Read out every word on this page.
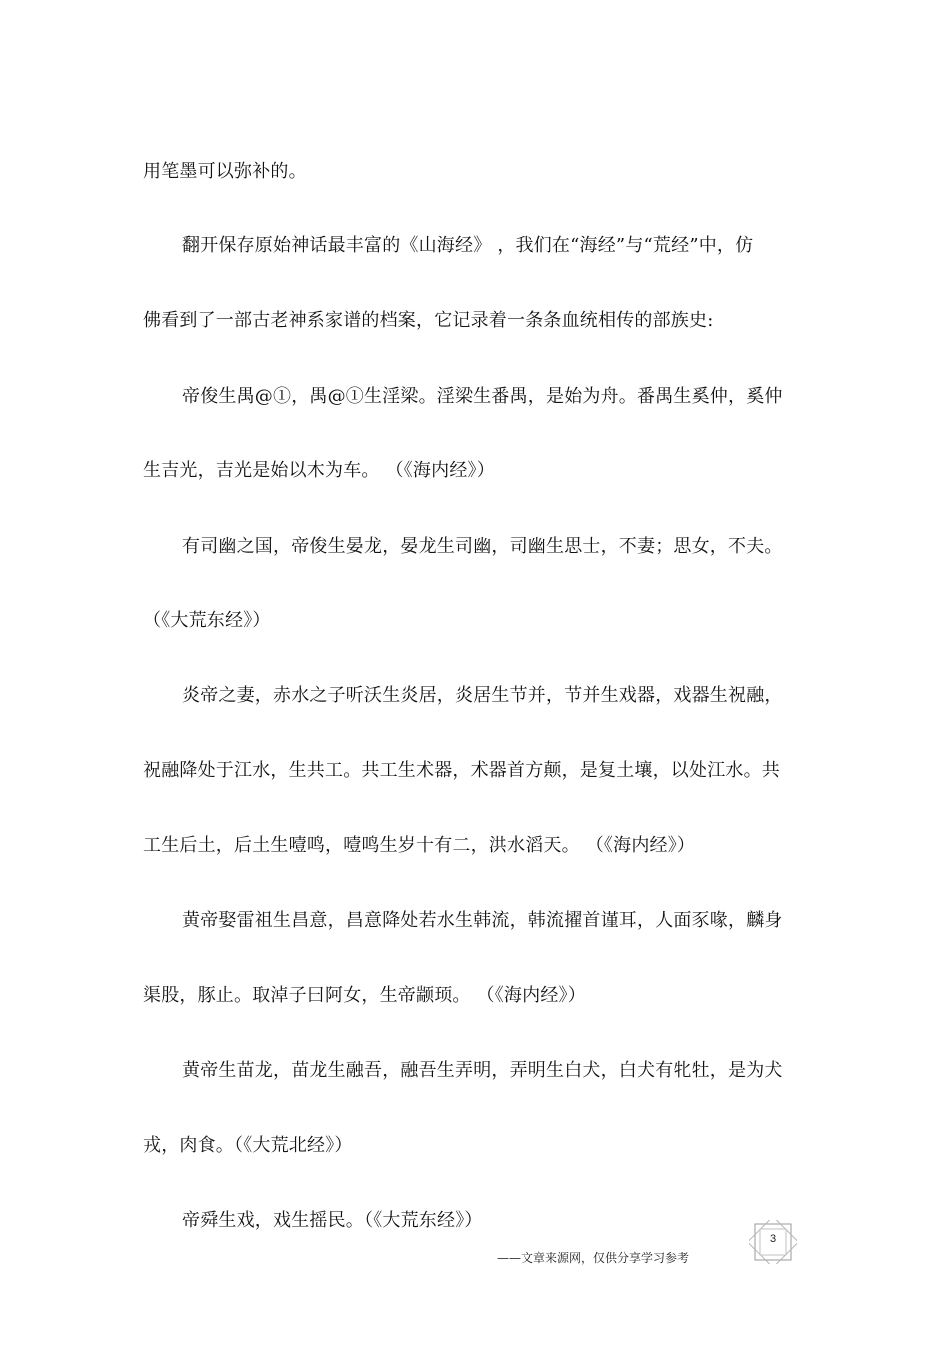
用笔墨可以弥补的。

翻开保存原始神话最丰富的《山海经》 ，我们在“海经”与“荒经”中，仿

佛看到了一部古老神系家谱的档案，它记录着一条条血统相传的部族史:

帝俊生禺@①，禺@①生淫梁。淫梁生番禺，是始为舟。番禺生奚仲，奚仲

生吉光，吉光是始以木为车。 （《海内经》）

有司幽之国，帝俊生晏龙，晏龙生司幽，司幽生思士，不妻；思女，不夫。

（《大荒东经》）

炎帝之妻，赤水之子听沃生炎居，炎居生节并，节并生戏器，戏器生祝融，

祝融降处于江水，生共工。共工生术器，术器首方颠，是复土壤，以处江水。共

工生后土，后土生噎鸣，噎鸣生岁十有二，洪水滔天。 （《海内经》）

黄帝娶雷祖生昌意，昌意降处若水生韩流，韩流擢首谨耳，人面豕喙，麟身

渠股，豚止。取淖子曰阿女，生帝颛顼。 （《海内经》）

黄帝生苗龙，苗龙生融吾，融吾生弄明，弄明生白犬，白犬有牝牡，是为犬

戎，肉食。（《大荒北经》）

帝舜生戏，戏生摇民。（《大荒东经》）

3
——文章来源网，仅供分享学习参考
